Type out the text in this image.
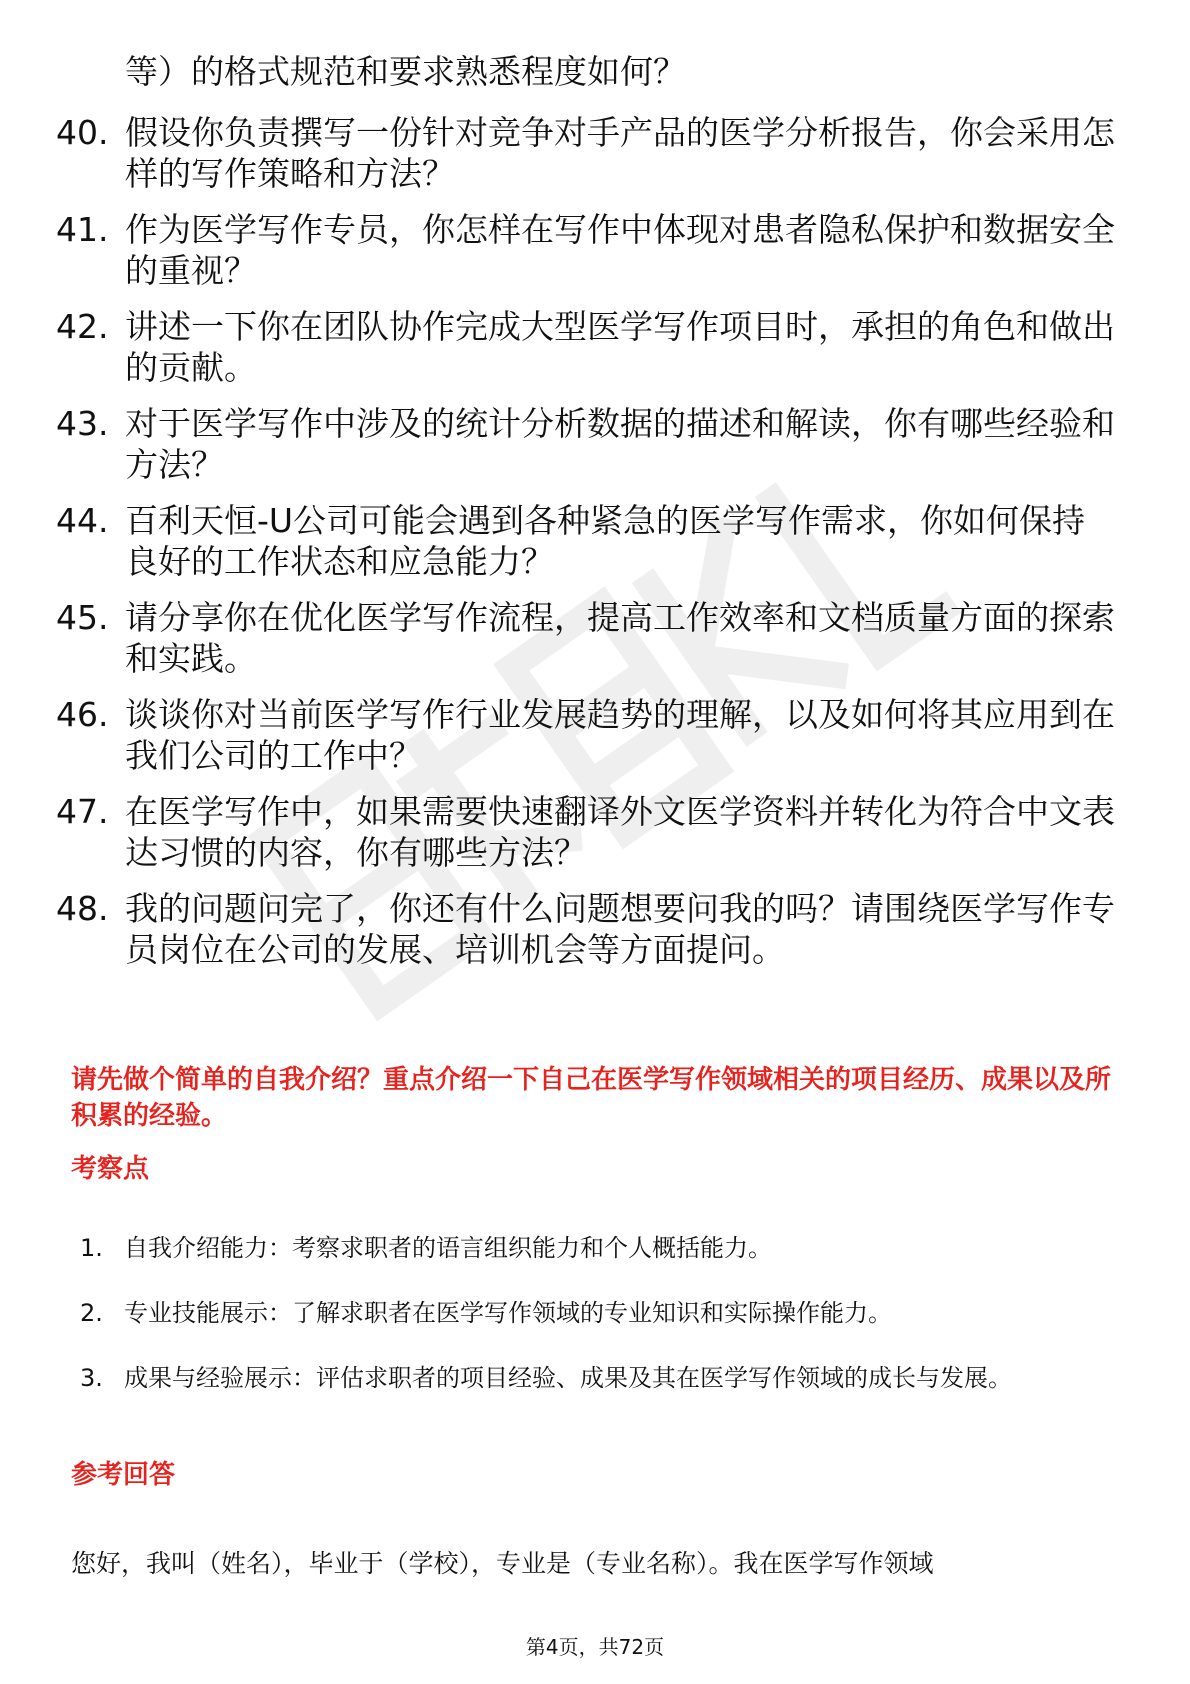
等）的格式规范和要求熟悉程度如何？

40. 假设你负责撰写一份针对竞争对手产品的医学分析报告，你会采用怎样的写作策略和方法？
41. 作为医学写作专员，你怎样在写作中体现对患者隐私保护和数据安全的重视？
42. 讲述一下你在团队协作完成大型医学写作项目时，承担的角色和做出的贡献。
43. 对于医学写作中涉及的统计分析数据的描述和解读，你有哪些经验和方法？
44. 百利天恒-U公司可能会遇到各种紧急的医学写作需求，你如何保持良好的工作状态和应急能力？
45. 请分享你在优化医学写作流程，提高工作效率和文档质量方面的探索和实践。
46. 谈谈你对当前医学写作行业发展趋势的理解，以及如何将其应用到在我们公司的工作中？
47. 在医学写作中，如果需要快速翻译外文医学资料并转化为符合中文表达习惯的内容，你有哪些方法？
48. 我的问题问完了，你还有什么问题想要问我的吗？请围绕医学写作专员岗位在公司的发展、培训机会等方面提问。

请先做个简单的自我介绍？重点介绍一下自己在医学写作领域相关的项目经历、成果以及所积累的经验。

考察点
1. 自我介绍能力：考察求职者的语言组织能力和个人概括能力。
2. 专业技能展示：了解求职者在医学写作领域的专业知识和实际操作能力。
3. 成果与经验展示：评估求职者的项目经验、成果及其在医学写作领域的成长与发展。
参考回答

您好，我叫（姓名），毕业于（学校），专业是（专业名称）。我在医学写作领域

第4页，共72页
